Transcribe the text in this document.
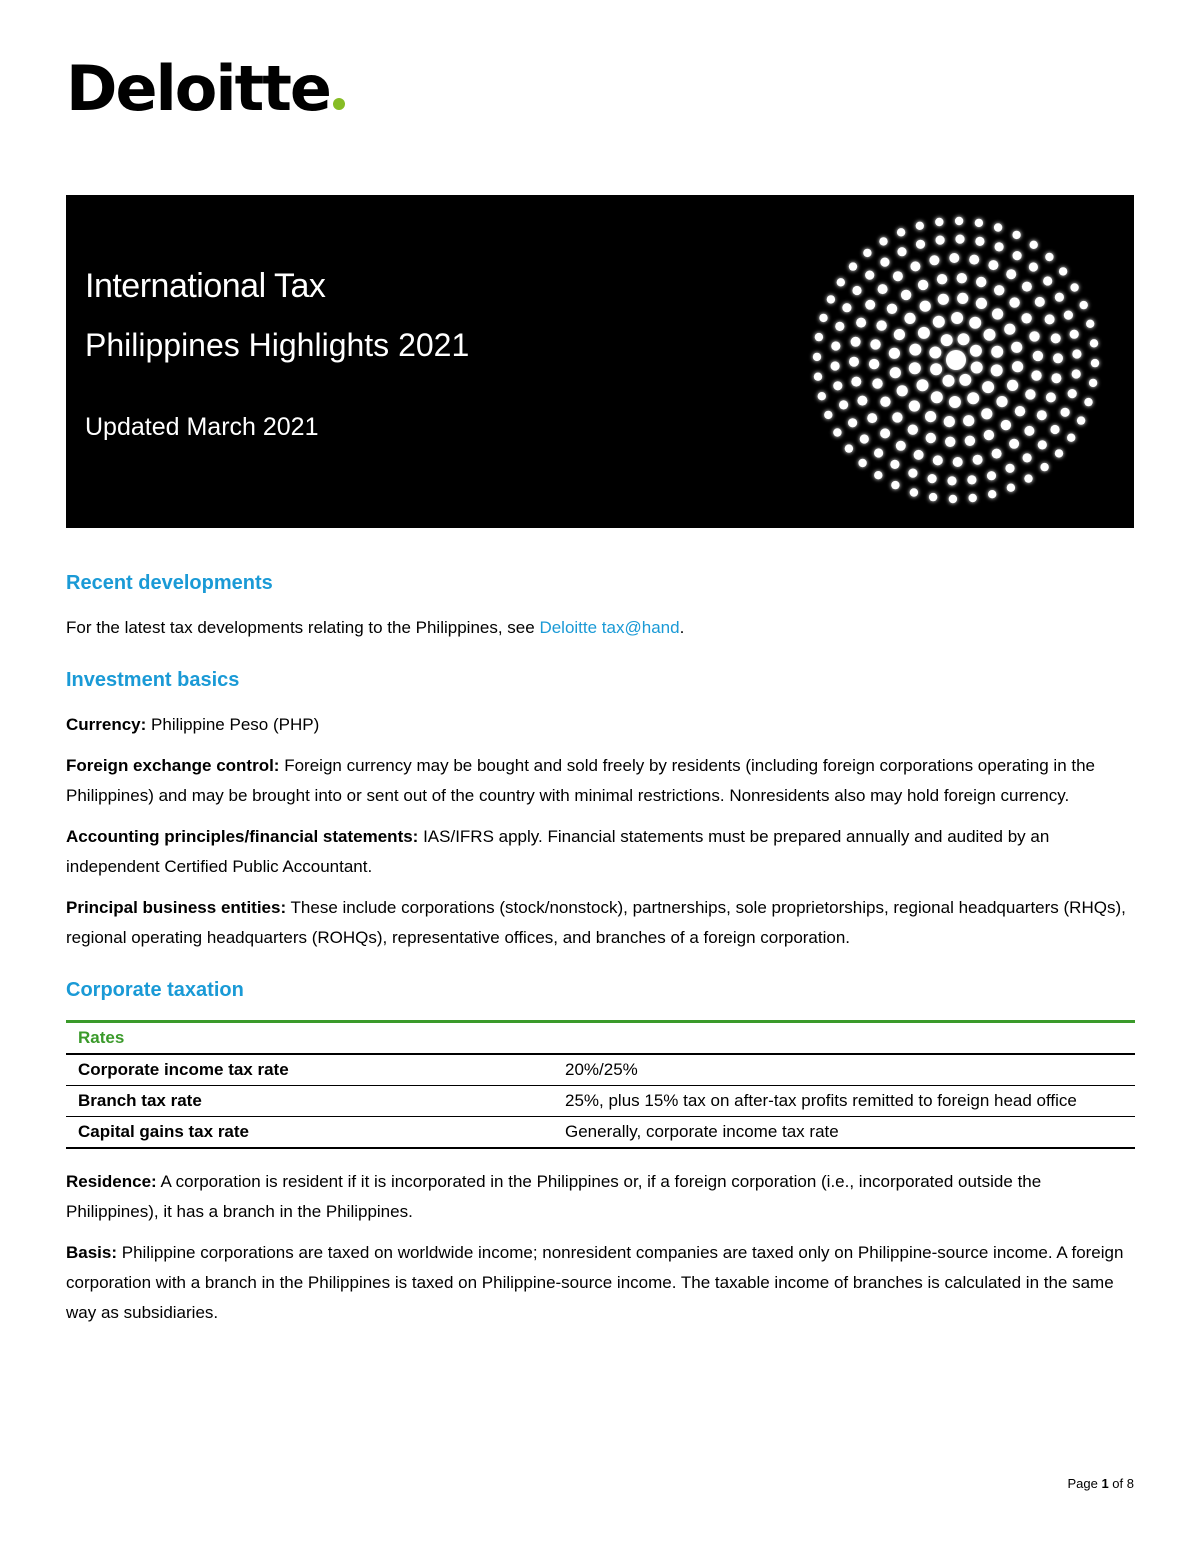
Deloitte
International Tax
Philippines Highlights 2021
Updated March 2021
Recent developments

For the latest tax developments relating to the Philippines, see Deloitte tax@hand.

Investment basics

Currency: Philippine Peso (PHP)

Foreign exchange control: Foreign currency may be bought and sold freely by residents (including foreign corporations operating in the Philippines) and may be brought into or sent out of the country with minimal restrictions. Nonresidents also may hold foreign currency.

Accounting principles/financial statements: IAS/IFRS apply. Financial statements must be prepared annually and audited by an independent Certified Public Accountant.

Principal business entities: These include corporations (stock/nonstock), partnerships, sole proprietorships, regional headquarters (RHQs), regional operating headquarters (ROHQs), representative offices, and branches of a foreign corporation.

Corporate taxation
Rates	
Corporate income tax rate	20%/25%
Branch tax rate	25%, plus 15% tax on after-tax profits remitted to foreign head office
Capital gains tax rate	Generally, corporate income tax rate

Residence: A corporation is resident if it is incorporated in the Philippines or, if a foreign corporation (i.e., incorporated outside the Philippines), it has a branch in the Philippines.

Basis: Philippine corporations are taxed on worldwide income; nonresident companies are taxed only on Philippine-source income. A foreign corporation with a branch in the Philippines is taxed on Philippine-source income. The taxable income of branches is calculated in the same way as subsidiaries.

Page 1 of 8
